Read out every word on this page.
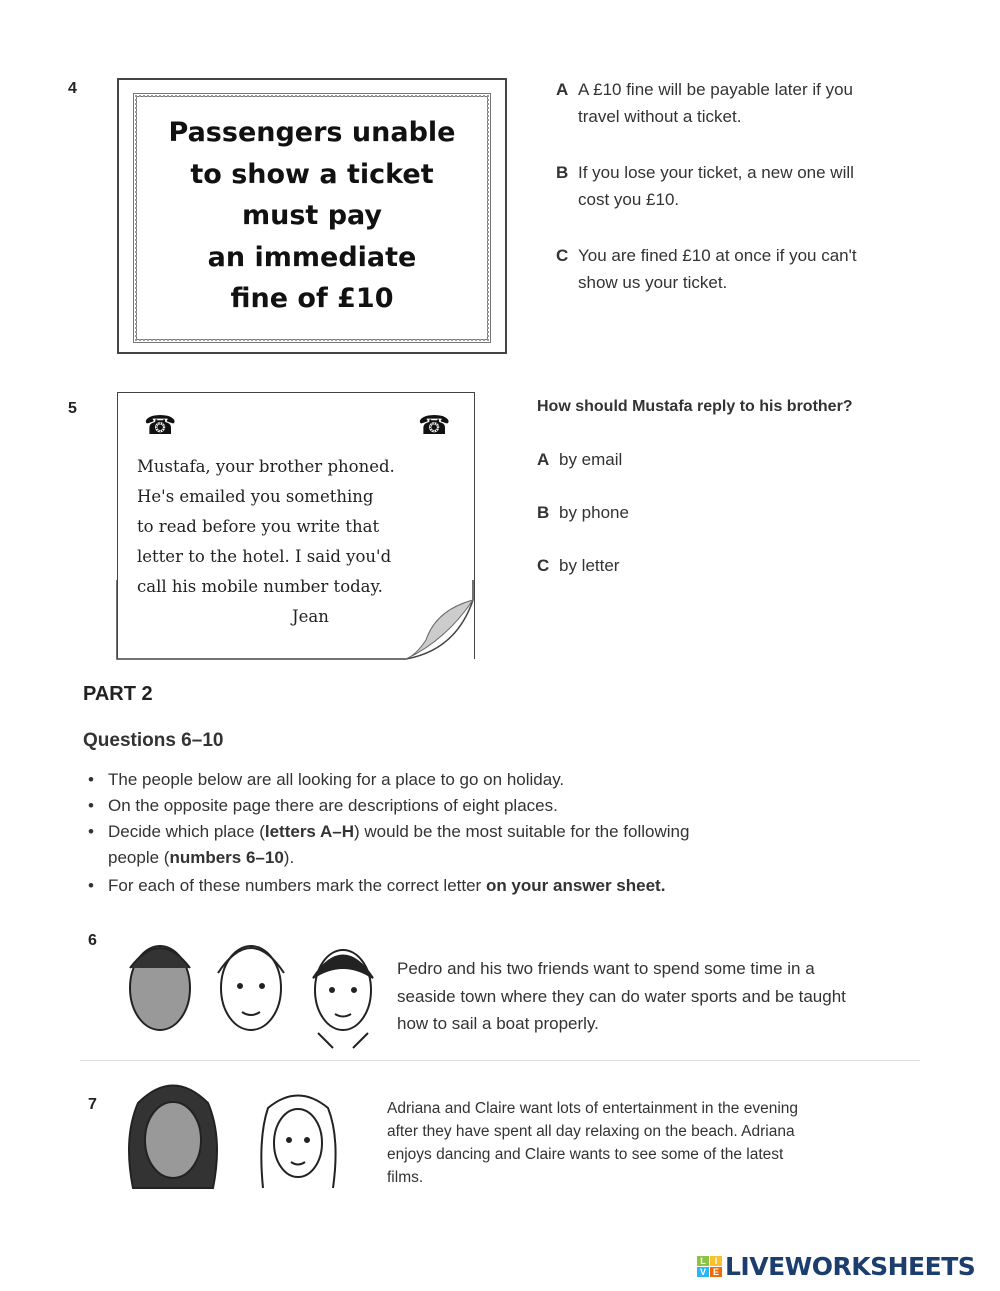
4
Passengers unable
to show a ticket
must pay
an immediate
fine of £10
A A £10 fine will be payable later if you
travel without a ticket.
B If you lose your ticket, a new one will
cost you £10.
C You are fined £10 at once if you can't
show us your ticket.
5
☎	☎
Mustafa, your brother phoned.
He's emailed you something
to read before you write that
letter to the hotel. I said you'd
call his mobile number today.
Jean
How should Mustafa reply to his brother?
A by email
B by phone
C by letter
PART 2
Questions 6–10
• The people below are all looking for a place to go on holiday.
• On the opposite page there are descriptions of eight places.
• Decide which place (letters A–H) would be the most suitable for the following
people (numbers 6–10).
• For each of these numbers mark the correct letter on your answer sheet.
6
Pedro and his two friends want to spend some time in a
seaside town where they can do water sports and be taught
how to sail a boat properly.
7	Adriana and Claire want lots of entertainment in the evening
after they have spent all day relaxing on the beach. Adriana
enjoys dancing and Claire wants to see some of the latest
films.
L I
V E LIVEWORKSHEETS
